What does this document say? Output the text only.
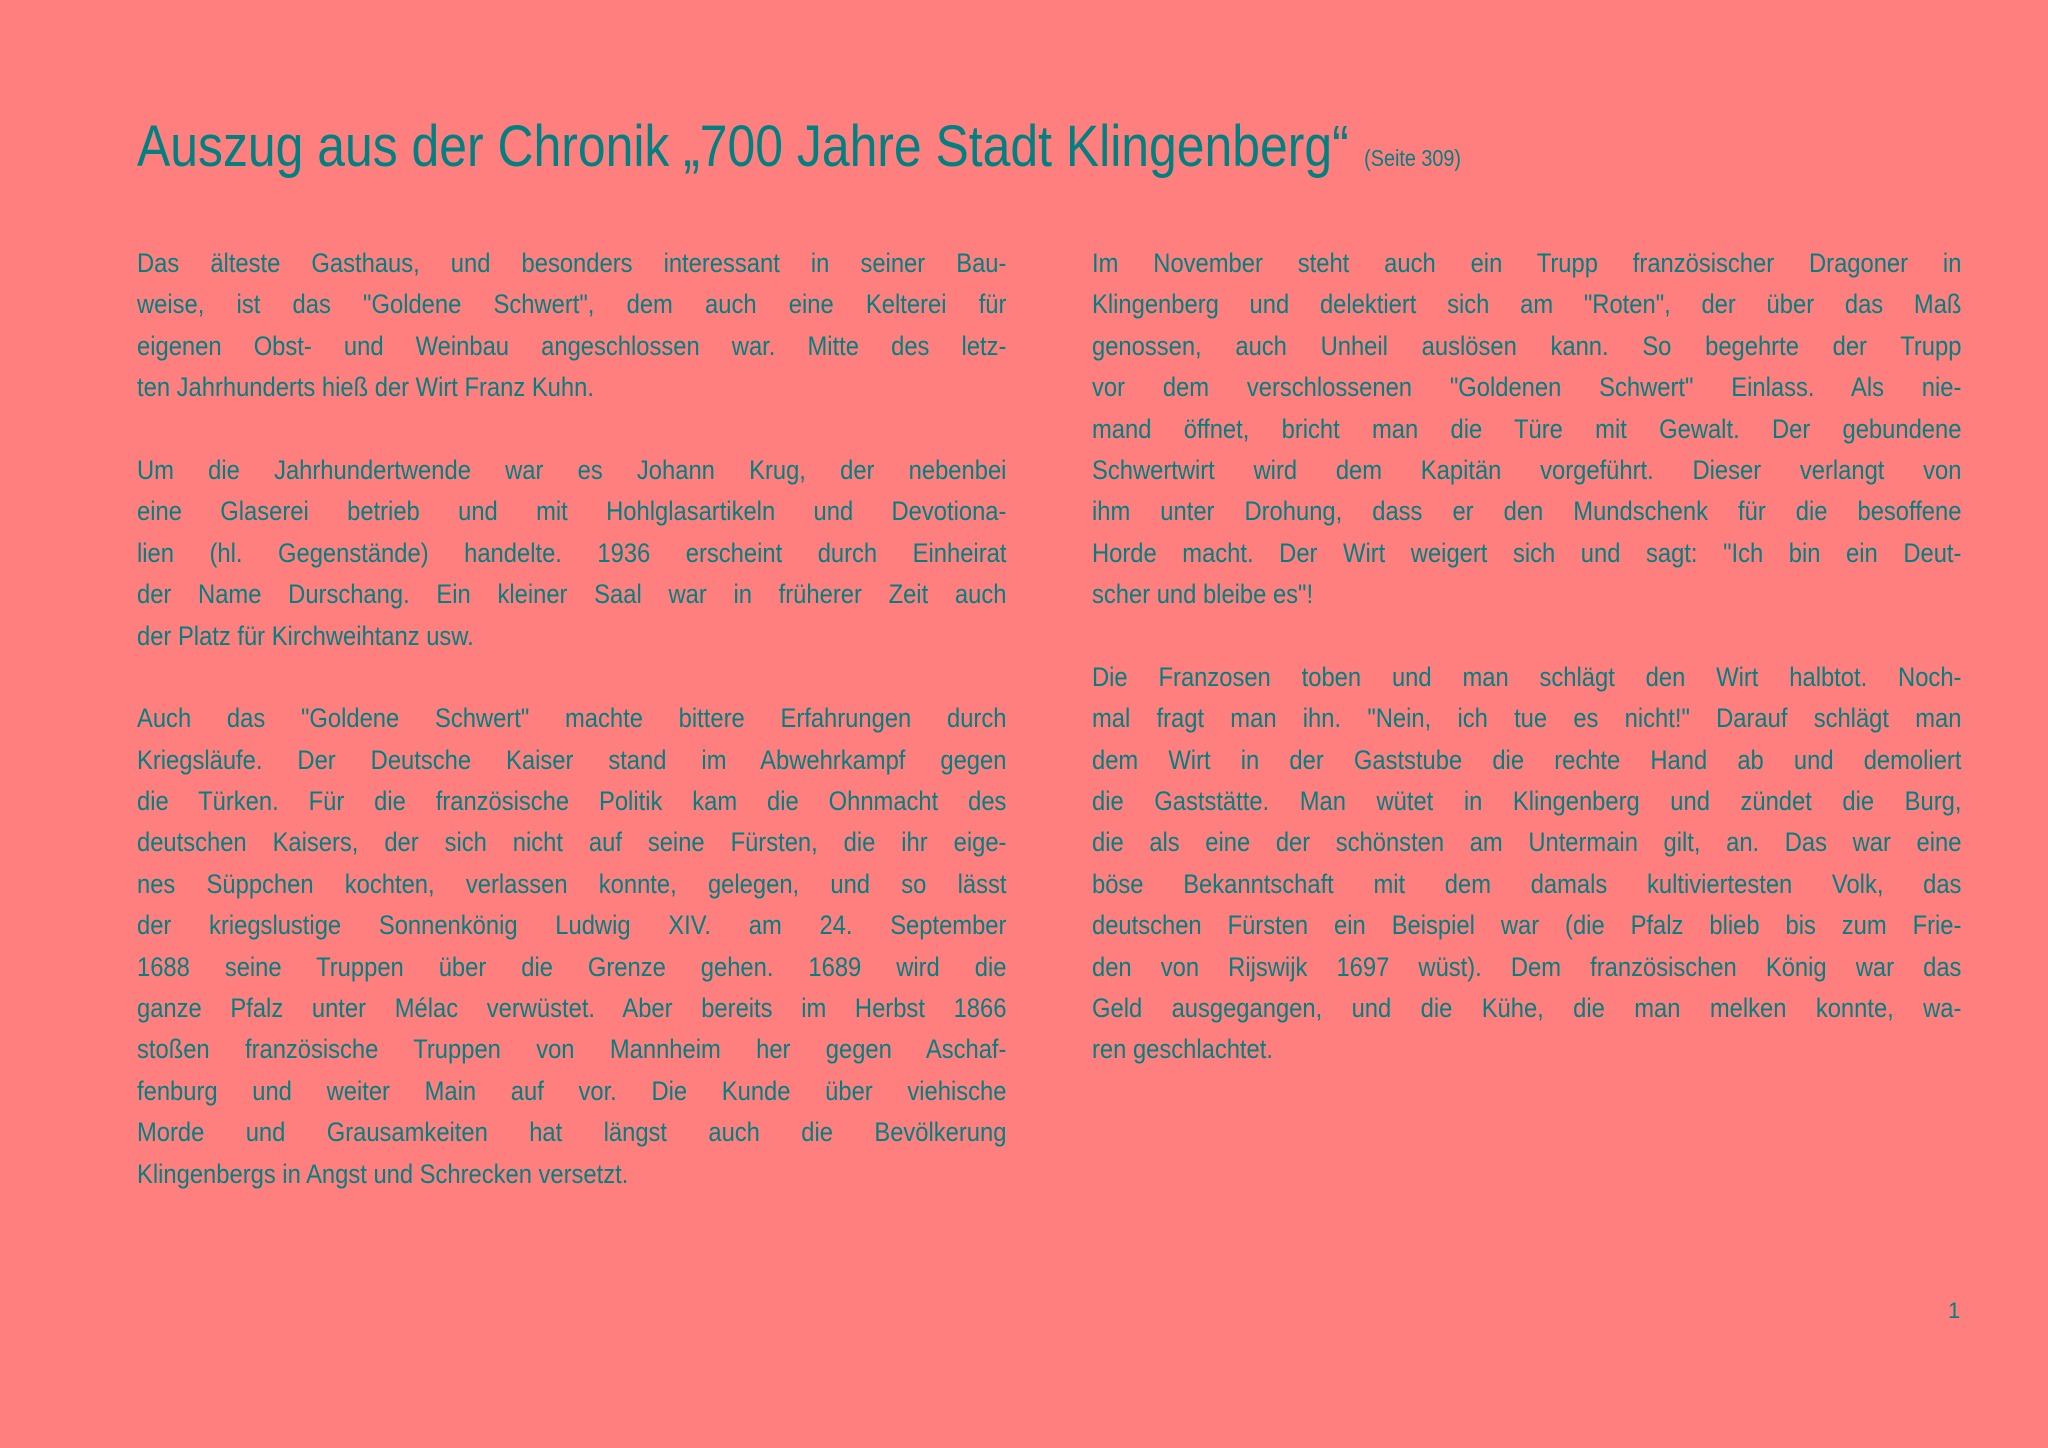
Auszug aus der Chronik „700 Jahre Stadt Klingenberg“ (Seite 309)
Das älteste Gasthaus, und besonders interessant in seiner Bau-
weise, ist das "Goldene Schwert", dem auch eine Kelterei für
eigenen Obst- und Weinbau angeschlossen war. Mitte des letz-
ten Jahrhunderts hieß der Wirt Franz Kuhn.
Um die Jahrhundertwende war es Johann Krug, der nebenbei
eine Glaserei betrieb und mit Hohlglasartikeln und Devotiona-
lien (hl. Gegenstände) handelte. 1936 erscheint durch Einheirat
der Name Durschang. Ein kleiner Saal war in früherer Zeit auch
der Platz für Kirchweihtanz usw.
Auch das "Goldene Schwert" machte bittere Erfahrungen durch
Kriegsläufe. Der Deutsche Kaiser stand im Abwehrkampf gegen
die Türken. Für die französische Politik kam die Ohnmacht des
deutschen Kaisers, der sich nicht auf seine Fürsten, die ihr eige-
nes Süppchen kochten, verlassen konnte, gelegen, und so lässt
der kriegslustige Sonnenkönig Ludwig XIV. am 24. September
1688 seine Truppen über die Grenze gehen. 1689 wird die
ganze Pfalz unter Mélac verwüstet. Aber bereits im Herbst 1866
stoßen französische Truppen von Mannheim her gegen Aschaf-
fenburg und weiter Main auf vor. Die Kunde über viehische
Morde und Grausamkeiten hat längst auch die Bevölkerung
Klingenbergs in Angst und Schrecken versetzt.
Im November steht auch ein Trupp französischer Dragoner in
Klingenberg und delektiert sich am "Roten", der über das Maß
genossen, auch Unheil auslösen kann. So begehrte der Trupp
vor dem verschlossenen "Goldenen Schwert" Einlass. Als nie-
mand öffnet, bricht man die Türe mit Gewalt. Der gebundene
Schwertwirt wird dem Kapitän vorgeführt. Dieser verlangt von
ihm unter Drohung, dass er den Mundschenk für die besoffene
Horde macht. Der Wirt weigert sich und sagt: "Ich bin ein Deut-
scher und bleibe es"!
Die Franzosen toben und man schlägt den Wirt halbtot. Noch-
mal fragt man ihn. "Nein, ich tue es nicht!" Darauf schlägt man
dem Wirt in der Gaststube die rechte Hand ab und demoliert
die Gaststätte. Man wütet in Klingenberg und zündet die Burg,
die als eine der schönsten am Untermain gilt, an. Das war eine
böse Bekanntschaft mit dem damals kultiviertesten Volk, das
deutschen Fürsten ein Beispiel war (die Pfalz blieb bis zum Frie-
den von Rijswijk 1697 wüst). Dem französischen König war das
Geld ausgegangen, und die Kühe, die man melken konnte, wa-
ren geschlachtet.
1
